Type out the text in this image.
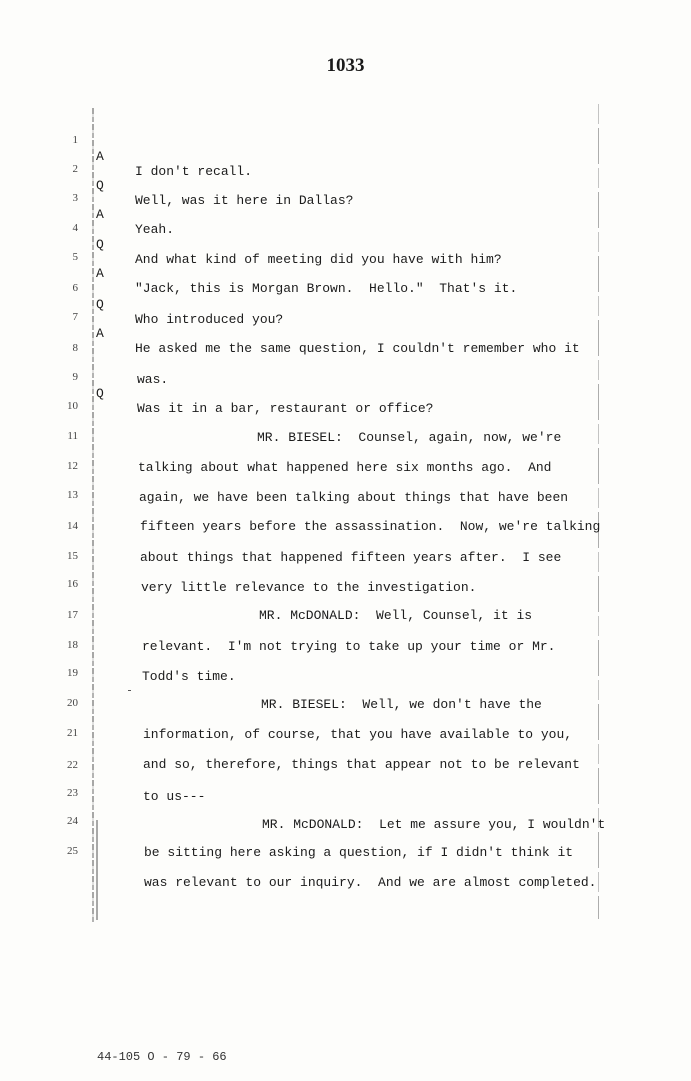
1033

1

A

I don't recall.

2

Q

Well, was it here in Dallas?

3

A

Yeah.

4

Q

And what kind of meeting did you have with him?

5

A

"Jack, this is Morgan Brown.  Hello."  That's it.

6

Q

Who introduced you?

7

A

He asked me the same question, I couldn't remember who it

8

was.

9

Q

Was it in a bar, restaurant or office?

10

MR. BIESEL:  Counsel, again, now, we're

11

talking about what happened here six months ago.  And

12

again, we have been talking about things that have been

13

fifteen years before the assassination.  Now, we're talking

14

about things that happened fifteen years after.  I see

15

very little relevance to the investigation.

16

MR. McDONALD:  Well, Counsel, it is

17

relevant.  I'm not trying to take up your time or Mr.

18

Todd's time.

19

MR. BIESEL:  Well, we don't have the

20

information, of course, that you have available to you,

21

and so, therefore, things that appear not to be relevant

22

to us---

23

MR. McDONALD:  Let me assure you, I wouldn't

24

be sitting here asking a question, if I didn't think it

25

was relevant to our inquiry.  And we are almost completed.

44-105 O - 79 - 66
